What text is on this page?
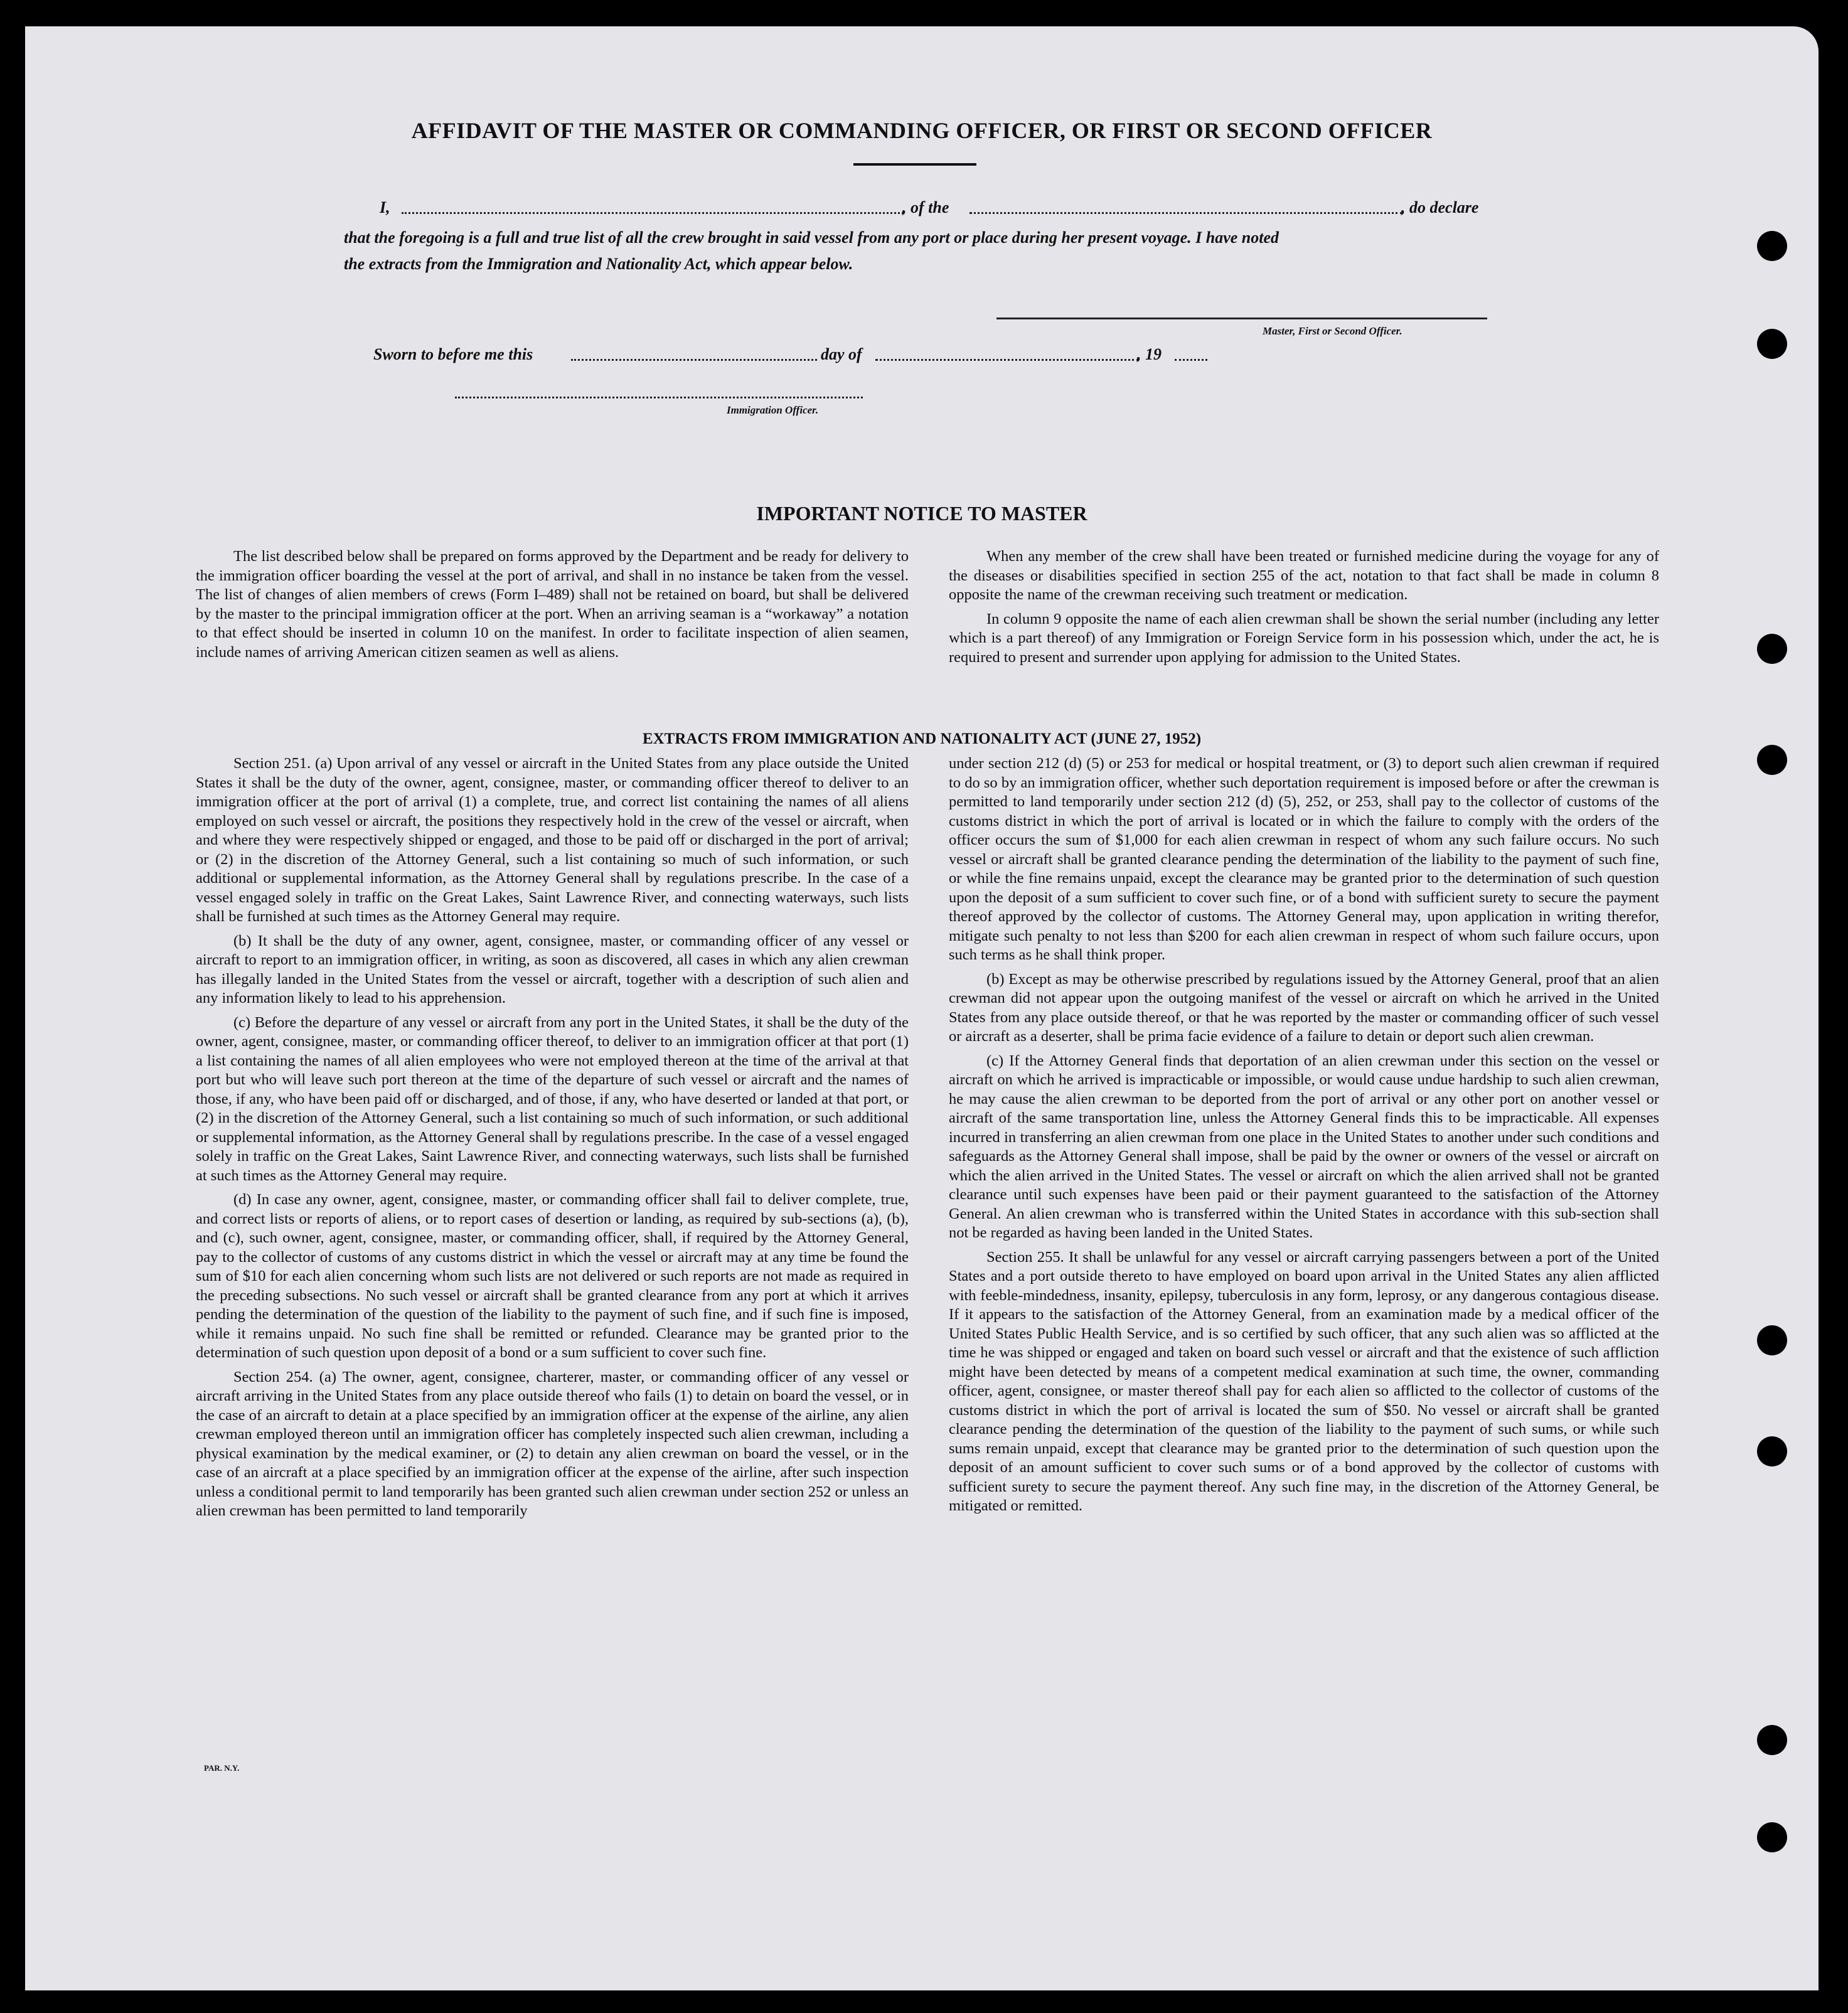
AFFIDAVIT OF THE MASTER OR COMMANDING OFFICER, OR FIRST OR SECOND OFFICER
I,	, of the	, do declare
that the foregoing is a full and true list of all the crew brought in said vessel from any port or place during her present voyage. I have noted
the extracts from the Immigration and Nationality Act, which appear below.
Master, First or Second Officer.
Sworn to before me this	day of	, 19
Immigration Officer.
IMPORTANT NOTICE TO MASTER

The list described below shall be prepared on forms approved by the Department and be ready for delivery to the immigration officer boarding the vessel at the port of arrival, and shall in no instance be taken from the vessel. The list of changes of alien members of crews (Form I–489) shall not be retained on board, but shall be delivered by the master to the principal immigration officer at the port. When an arriving seaman is a “workaway” a notation to that effect should be inserted in column 10 on the manifest. In order to facilitate inspection of alien seamen, include names of arriving American citizen seamen as well as aliens.

When any member of the crew shall have been treated or furnished medicine during the voyage for any of the diseases or disabilities specified in section 255 of the act, notation to that fact shall be made in column 8 opposite the name of the crewman receiving such treatment or medication.

In column 9 opposite the name of each alien crewman shall be shown the serial number (including any letter which is a part thereof) of any Immigration or Foreign Service form in his possession which, under the act, he is required to present and surrender upon applying for admission to the United States.

EXTRACTS FROM IMMIGRATION AND NATIONALITY ACT (JUNE 27, 1952)

Section 251. (a) Upon arrival of any vessel or aircraft in the United States from any place outside the United States it shall be the duty of the owner, agent, consignee, master, or commanding officer thereof to deliver to an immigration officer at the port of arrival (1) a complete, true, and correct list containing the names of all aliens employed on such vessel or aircraft, the positions they respectively hold in the crew of the vessel or aircraft, when and where they were respectively shipped or engaged, and those to be paid off or discharged in the port of arrival; or (2) in the discretion of the Attorney General, such a list containing so much of such information, or such additional or supplemental information, as the Attorney General shall by regulations prescribe. In the case of a vessel engaged solely in traffic on the Great Lakes, Saint Lawrence River, and connecting waterways, such lists shall be furnished at such times as the Attorney General may require.

(b) It shall be the duty of any owner, agent, consignee, master, or commanding officer of any vessel or aircraft to report to an immigration officer, in writing, as soon as discovered, all cases in which any alien crewman has illegally landed in the United States from the vessel or aircraft, together with a description of such alien and any information likely to lead to his apprehension.

(c) Before the departure of any vessel or aircraft from any port in the United States, it shall be the duty of the owner, agent, consignee, master, or commanding officer thereof, to deliver to an immigration officer at that port (1) a list containing the names of all alien employees who were not employed thereon at the time of the arrival at that port but who will leave such port thereon at the time of the departure of such vessel or aircraft and the names of those, if any, who have been paid off or discharged, and of those, if any, who have deserted or landed at that port, or (2) in the discretion of the Attorney General, such a list containing so much of such information, or such additional or supplemental information, as the Attorney General shall by regulations prescribe. In the case of a vessel engaged solely in traffic on the Great Lakes, Saint Lawrence River, and connecting waterways, such lists shall be furnished at such times as the Attorney General may require.

(d) In case any owner, agent, consignee, master, or commanding officer shall fail to deliver complete, true, and correct lists or reports of aliens, or to report cases of desertion or landing, as required by sub-sections (a), (b), and (c), such owner, agent, consignee, master, or commanding officer, shall, if required by the Attorney General, pay to the collector of customs of any customs district in which the vessel or aircraft may at any time be found the sum of $10 for each alien concerning whom such lists are not delivered or such reports are not made as required in the preceding subsections. No such vessel or aircraft shall be granted clearance from any port at which it arrives pending the determination of the question of the liability to the payment of such fine, and if such fine is imposed, while it remains unpaid. No such fine shall be remitted or refunded. Clearance may be granted prior to the determination of such question upon deposit of a bond or a sum sufficient to cover such fine.

Section 254. (a) The owner, agent, consignee, charterer, master, or commanding officer of any vessel or aircraft arriving in the United States from any place outside thereof who fails (1) to detain on board the vessel, or in the case of an aircraft to detain at a place specified by an immigration officer at the expense of the airline, any alien crewman employed thereon until an immigration officer has completely inspected such alien crewman, including a physical examination by the medical examiner, or (2) to detain any alien crewman on board the vessel, or in the case of an aircraft at a place specified by an immigration officer at the expense of the airline, after such inspection unless a conditional permit to land temporarily has been granted such alien crewman under section 252 or unless an alien crewman has been permitted to land temporarily

under section 212 (d) (5) or 253 for medical or hospital treatment, or (3) to deport such alien crewman if required to do so by an immigration officer, whether such deportation requirement is imposed before or after the crewman is permitted to land temporarily under section 212 (d) (5), 252, or 253, shall pay to the collector of customs of the customs district in which the port of arrival is located or in which the failure to comply with the orders of the officer occurs the sum of $1,000 for each alien crewman in respect of whom any such failure occurs. No such vessel or aircraft shall be granted clearance pending the determination of the liability to the payment of such fine, or while the fine remains unpaid, except the clearance may be granted prior to the determination of such question upon the deposit of a sum sufficient to cover such fine, or of a bond with sufficient surety to secure the payment thereof approved by the collector of customs. The Attorney General may, upon application in writing therefor, mitigate such penalty to not less than $200 for each alien crewman in respect of whom such failure occurs, upon such terms as he shall think proper.

(b) Except as may be otherwise prescribed by regulations issued by the Attorney General, proof that an alien crewman did not appear upon the outgoing manifest of the vessel or aircraft on which he arrived in the United States from any place outside thereof, or that he was reported by the master or commanding officer of such vessel or aircraft as a deserter, shall be prima facie evidence of a failure to detain or deport such alien crewman.

(c) If the Attorney General finds that deportation of an alien crewman under this section on the vessel or aircraft on which he arrived is impracticable or impossible, or would cause undue hardship to such alien crewman, he may cause the alien crewman to be deported from the port of arrival or any other port on another vessel or aircraft of the same transportation line, unless the Attorney General finds this to be impracticable. All expenses incurred in transferring an alien crewman from one place in the United States to another under such conditions and safeguards as the Attorney General shall impose, shall be paid by the owner or owners of the vessel or aircraft on which the alien arrived in the United States. The vessel or aircraft on which the alien arrived shall not be granted clearance until such expenses have been paid or their payment guaranteed to the satisfaction of the Attorney General. An alien crewman who is transferred within the United States in accordance with this sub-section shall not be regarded as having been landed in the United States.

Section 255. It shall be unlawful for any vessel or aircraft carrying passengers between a port of the United States and a port outside thereto to have employed on board upon arrival in the United States any alien afflicted with feeble-mindedness, insanity, epilepsy, tuberculosis in any form, leprosy, or any dangerous contagious disease. If it appears to the satisfaction of the Attorney General, from an examination made by a medical officer of the United States Public Health Service, and is so certified by such officer, that any such alien was so afflicted at the time he was shipped or engaged and taken on board such vessel or aircraft and that the existence of such affliction might have been detected by means of a competent medical examination at such time, the owner, commanding officer, agent, consignee, or master thereof shall pay for each alien so afflicted to the collector of customs of the customs district in which the port of arrival is located the sum of $50. No vessel or aircraft shall be granted clearance pending the determination of the question of the liability to the payment of such sums, or while such sums remain unpaid, except that clearance may be granted prior to the determination of such question upon the deposit of an amount sufficient to cover such sums or of a bond approved by the collector of customs with sufficient surety to secure the payment thereof. Any such fine may, in the discretion of the Attorney General, be mitigated or remitted.

PAR. N.Y.
